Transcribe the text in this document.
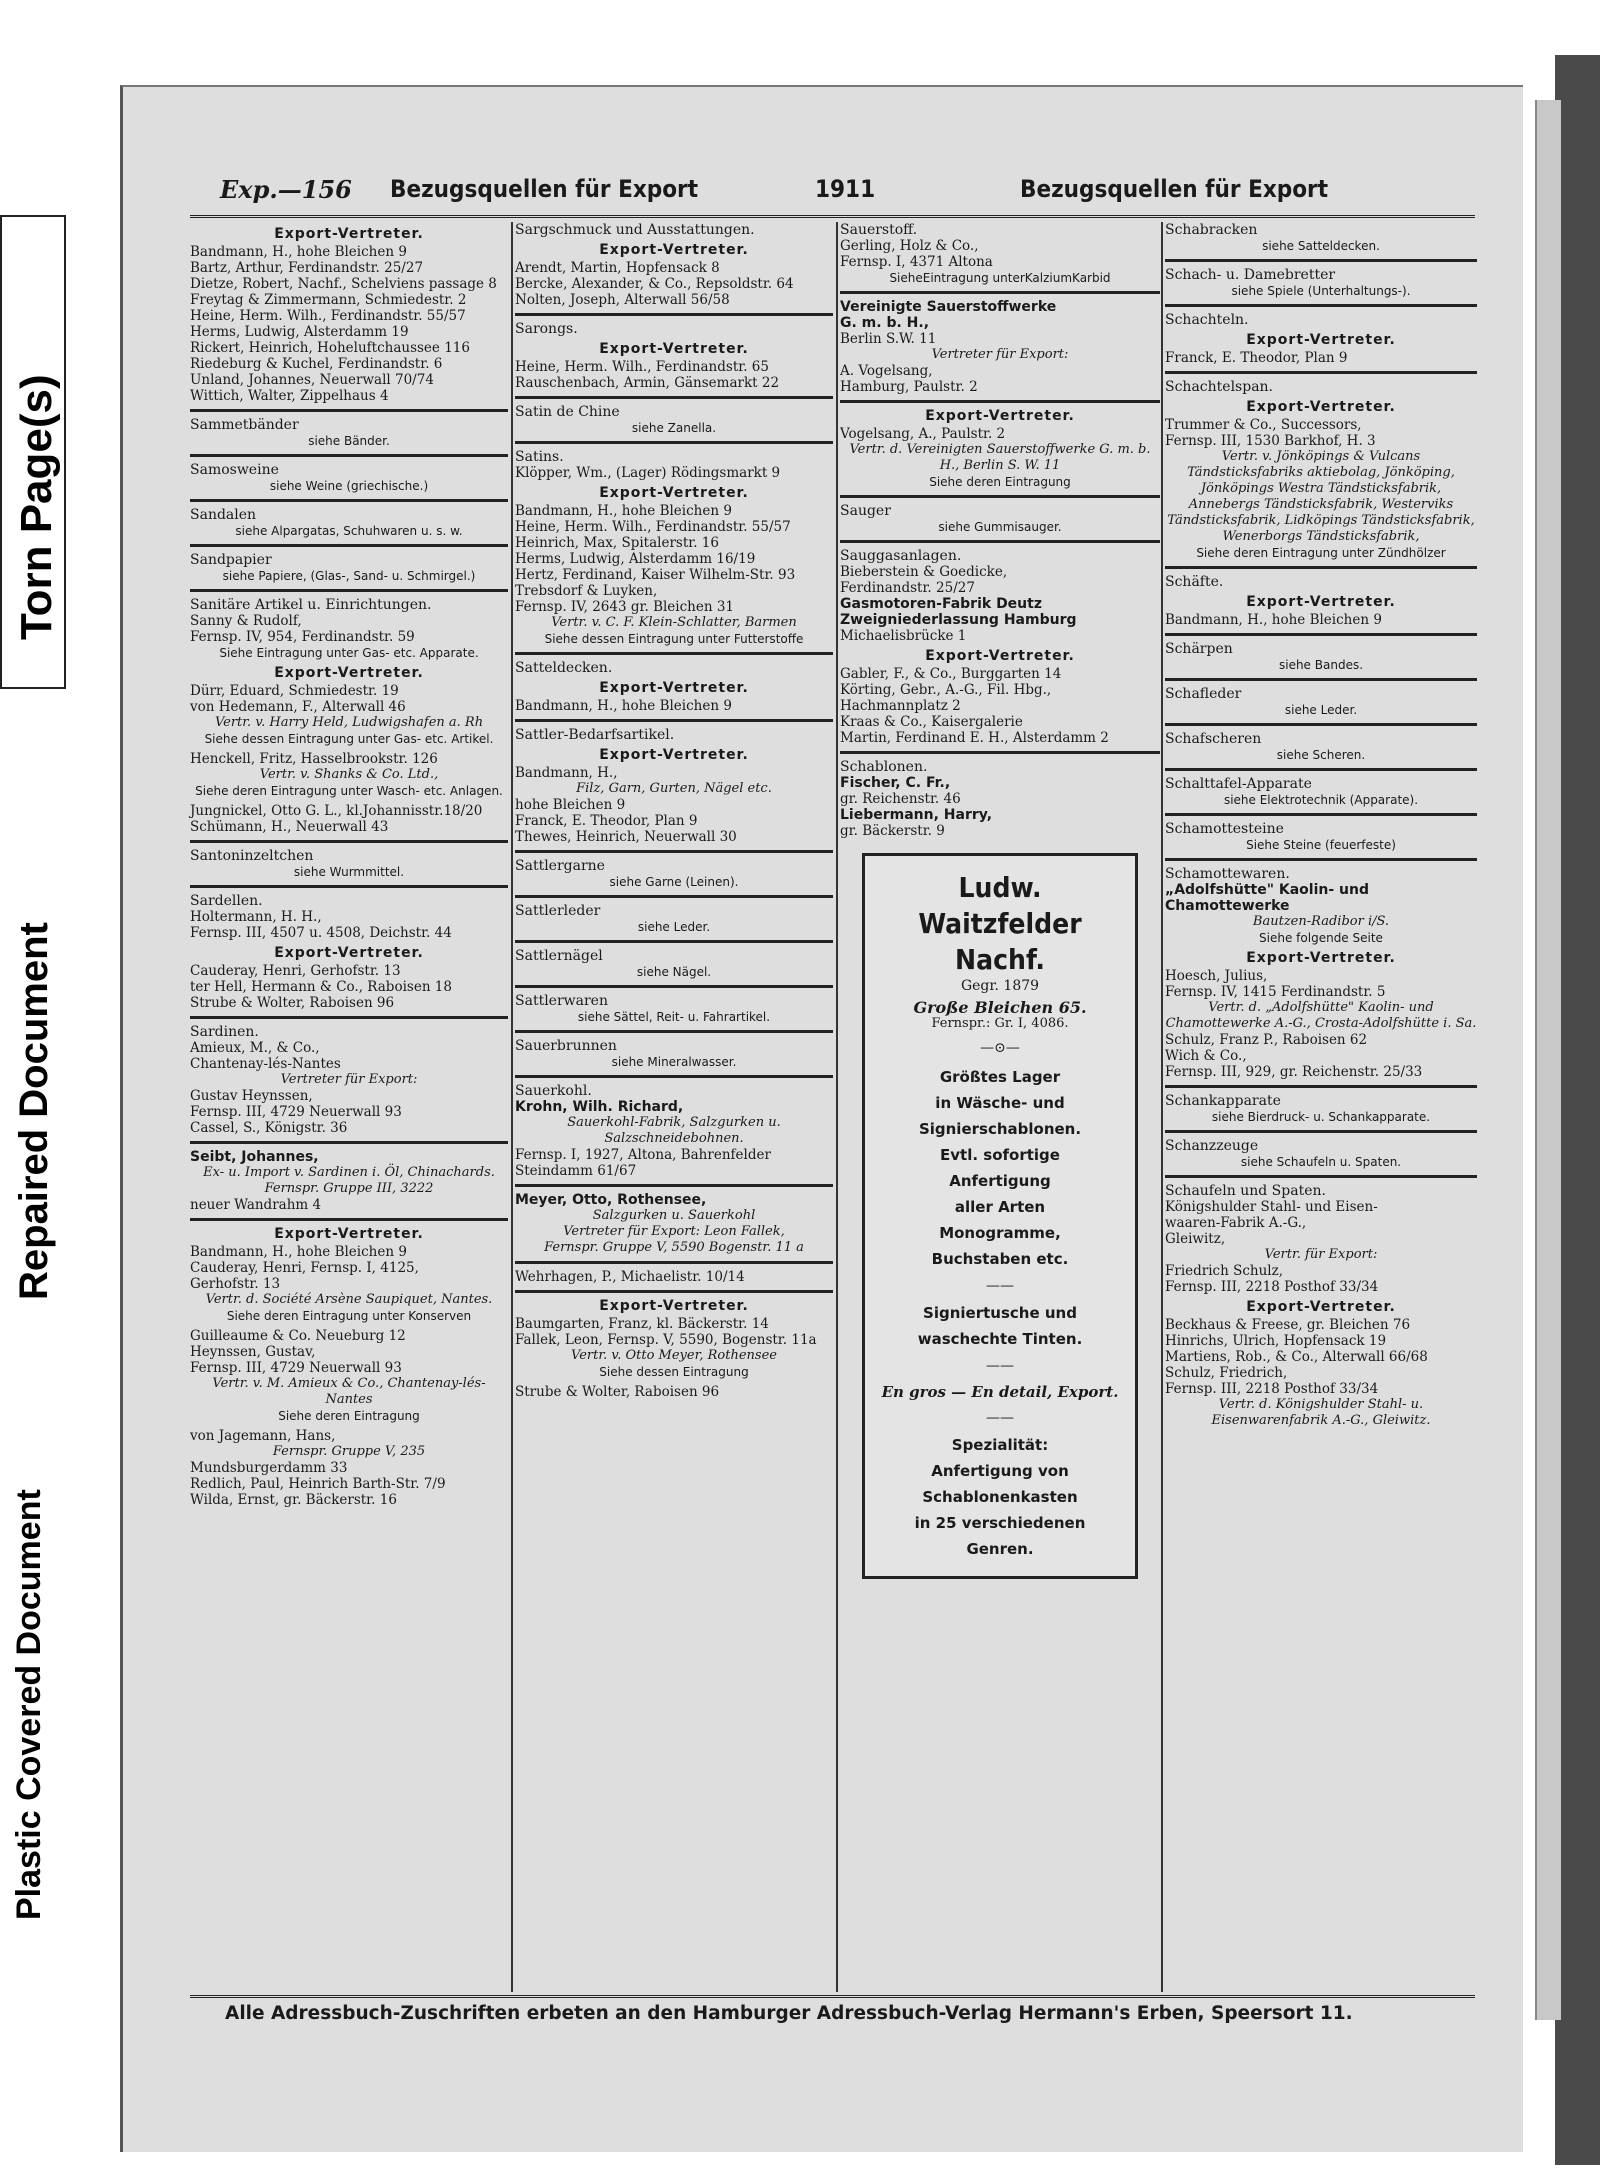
Torn Page(s)
Repaired Document
Plastic Covered Document
Exp.—156 Bezugsquellen für Export	1911	Bezugsquellen für Export
Export-Vertreter.
Bandmann, H., hohe Bleichen 9
Bartz, Arthur, Ferdinandstr. 25/27
Dietze, Robert, Nachf., Schelviens passage 8
Freytag & Zimmermann, Schmiedestr. 2
Heine, Herm. Wilh., Ferdinandstr. 55/57
Herms, Ludwig, Alsterdamm 19
Rickert, Heinrich, Hoheluftchaussee 116
Riedeburg & Kuchel, Ferdinandstr. 6
Unland, Johannes, Neuerwall 70/74
Wittich, Walter, Zippelhaus 4
Sammetbänder
siehe Bänder.
Samosweine
siehe Weine (griechische.)
Sandalen
siehe Alpargatas, Schuhwaren u. s. w.
Sandpapier
siehe Papiere, (Glas-, Sand- u. Schmirgel.)
Sanitäre Artikel u. Einrichtungen.
Sanny & Rudolf,
Fernsp. IV, 954, Ferdinandstr. 59
Siehe Eintragung unter Gas- etc. Apparate.
Export-Vertreter.
Dürr, Eduard, Schmiedestr. 19
von Hedemann, F., Alterwall 46
Vertr. v. Harry Held, Ludwigshafen a. Rh
Siehe dessen Eintragung unter Gas- etc. Artikel.
Henckell, Fritz, Hasselbrookstr. 126
Vertr. v. Shanks & Co. Ltd.,
Siehe deren Eintragung unter Wasch- etc. Anlagen.
Jungnickel, Otto G. L., kl.Johannisstr.18/20
Schümann, H., Neuerwall 43
Santoninzeltchen
siehe Wurmmittel.
Sardellen.
Holtermann, H. H.,
Fernsp. III, 4507 u. 4508, Deichstr. 44
Export-Vertreter.
Cauderay, Henri, Gerhofstr. 13
ter Hell, Hermann & Co., Raboisen 18
Strube & Wolter, Raboisen 96
Sardinen.
Amieux, M., & Co.,
Chantenay-lés-Nantes
Vertreter für Export:
Gustav Heynssen,
Fernsp. III, 4729 Neuerwall 93
Cassel, S., Königstr. 36
Seibt, Johannes,
Ex- u. Import v. Sardinen i. Öl, Chinachards.
Fernspr. Gruppe III, 3222
neuer Wandrahm 4
Export-Vertreter.
Bandmann, H., hohe Bleichen 9
Cauderay, Henri, Fernsp. I, 4125,
Gerhofstr. 13
Vertr. d. Société Arsène Saupiquet, Nantes.
Siehe deren Eintragung unter Konserven
Guilleaume & Co. Neueburg 12
Heynssen, Gustav,
Fernsp. III, 4729 Neuerwall 93
Vertr. v. M. Amieux & Co., Chantenay-lés-Nantes
Siehe deren Eintragung
von Jagemann, Hans,
Fernspr. Gruppe V, 235
Mundsburgerdamm 33
Redlich, Paul, Heinrich Barth-Str. 7/9
Wilda, Ernst, gr. Bäckerstr. 16
Sargschmuck und Ausstattungen.
Export-Vertreter.
Arendt, Martin, Hopfensack 8
Bercke, Alexander, & Co., Repsoldstr. 64
Nolten, Joseph, Alterwall 56/58
Sarongs.
Export-Vertreter.
Heine, Herm. Wilh., Ferdinandstr. 65
Rauschenbach, Armin, Gänsemarkt 22
Satin de Chine
siehe Zanella.
Satins.
Klöpper, Wm., (Lager) Rödingsmarkt 9
Export-Vertreter.
Bandmann, H., hohe Bleichen 9
Heine, Herm. Wilh., Ferdinandstr. 55/57
Heinrich, Max, Spitalerstr. 16
Herms, Ludwig, Alsterdamm 16/19
Hertz, Ferdinand, Kaiser Wilhelm-Str. 93
Trebsdorf & Luyken,
Fernsp. IV, 2643 gr. Bleichen 31
Vertr. v. C. F. Klein-Schlatter, Barmen
Siehe dessen Eintragung unter Futterstoffe
Satteldecken.
Export-Vertreter.
Bandmann, H., hohe Bleichen 9
Sattler-Bedarfsartikel.
Export-Vertreter.
Bandmann, H.,
Filz, Garn, Gurten, Nägel etc.
hohe Bleichen 9
Franck, E. Theodor, Plan 9
Thewes, Heinrich, Neuerwall 30
Sattlergarne
siehe Garne (Leinen).
Sattlerleder
siehe Leder.
Sattlernägel
siehe Nägel.
Sattlerwaren
siehe Sättel, Reit- u. Fahrartikel.
Sauerbrunnen
siehe Mineralwasser.
Sauerkohl.
Krohn, Wilh. Richard,
Sauerkohl-Fabrik, Salzgurken u. Salzschneidebohnen.
Fernsp. I, 1927, Altona, Bahrenfelder
Steindamm 61/67
Meyer, Otto, Rothensee,
Salzgurken u. Sauerkohl
Vertreter für Export: Leon Fallek,
Fernspr. Gruppe V, 5590 Bogenstr. 11 a
Wehrhagen, P., Michaelistr. 10/14
Export-Vertreter.
Baumgarten, Franz, kl. Bäckerstr. 14
Fallek, Leon, Fernsp. V, 5590, Bogenstr. 11a
Vertr. v. Otto Meyer, Rothensee
Siehe dessen Eintragung
Strube & Wolter, Raboisen 96
Sauerstoff.
Gerling, Holz & Co.,
Fernsp. I, 4371 Altona
SieheEintragung unterKalziumKarbid
Vereinigte Sauerstoffwerke
G. m. b. H.,
Berlin S.W. 11
Vertreter für Export:
A. Vogelsang,
Hamburg, Paulstr. 2
Export-Vertreter.
Vogelsang, A., Paulstr. 2
Vertr. d. Vereinigten Sauerstoffwerke G. m. b. H., Berlin S. W. 11
Siehe deren Eintragung
Sauger
siehe Gummisauger.
Sauggasanlagen.
Bieberstein & Goedicke,
Ferdinandstr. 25/27
Gasmotoren-Fabrik Deutz
Zweigniederlassung Hamburg
Michaelisbrücke 1
Export-Vertreter.
Gabler, F., & Co., Burggarten 14
Körting, Gebr., A.-G., Fil. Hbg.,
Hachmannplatz 2
Kraas & Co., Kaisergalerie
Martin, Ferdinand E. H., Alsterdamm 2
Schablonen.
Fischer, C. Fr.,
gr. Reichenstr. 46
Liebermann, Harry,
gr. Bäckerstr. 9
Ludw. Waitzfelder Nachf.
Gegr. 1879
Große Bleichen 65.
Fernspr.: Gr. I, 4086.
—⊙—
Größtes Lager
in Wäsche- und
Signierschablonen.
Evtl. sofortige
Anfertigung
aller Arten
Monogramme,
Buchstaben etc.
——
Signiertusche und
waschechte Tinten.
——
En gros — En detail, Export.
——
Spezialität:
Anfertigung von
Schablonenkasten
in 25 verschiedenen
Genren.
Schabracken
siehe Satteldecken.
Schach- u. Damebretter
siehe Spiele (Unterhaltungs-).
Schachteln.
Export-Vertreter.
Franck, E. Theodor, Plan 9
Schachtelspan.
Export-Vertreter.
Trummer & Co., Successors,
Fernsp. III, 1530 Barkhof, H. 3
Vertr. v. Jönköpings & Vulcans Tändsticksfabriks aktiebolag, Jönköping,
Jönköpings Westra Tändsticksfabrik, Annebergs Tändsticksfabrik, Westerviks Tändsticksfabrik, Lidköpings Tändsticksfabrik, Wenerborgs Tändsticksfabrik,
Siehe deren Eintragung unter Zündhölzer
Schäfte.
Export-Vertreter.
Bandmann, H., hohe Bleichen 9
Schärpen
siehe Bandes.
Schafleder
siehe Leder.
Schafscheren
siehe Scheren.
Schalttafel-Apparate
siehe Elektrotechnik (Apparate).
Schamottesteine
Siehe Steine (feuerfeste)
Schamottewaren.
„Adolfshütte" Kaolin- und
Chamottewerke
Bautzen-Radibor i/S.
Siehe folgende Seite
Export-Vertreter.
Hoesch, Julius,
Fernsp. IV, 1415 Ferdinandstr. 5
Vertr. d. „Adolfshütte" Kaolin- und Chamottewerke A.-G., Crosta-Adolfshütte i. Sa.
Schulz, Franz P., Raboisen 62
Wich & Co.,
Fernsp. III, 929, gr. Reichenstr. 25/33
Schankapparate
siehe Bierdruck- u. Schankapparate.
Schanzzeuge
siehe Schaufeln u. Spaten.
Schaufeln und Spaten.
Königshulder Stahl- und Eisen-
waaren-Fabrik A.-G.,
Gleiwitz,
Vertr. für Export:
Friedrich Schulz,
Fernsp. III, 2218 Posthof 33/34
Export-Vertreter.
Beckhaus & Freese, gr. Bleichen 76
Hinrichs, Ulrich, Hopfensack 19
Martiens, Rob., & Co., Alterwall 66/68
Schulz, Friedrich,
Fernsp. III, 2218 Posthof 33/34
Vertr. d. Königshulder Stahl- u. Eisenwarenfabrik A.-G., Gleiwitz.
Alle Adressbuch-Zuschriften erbeten an den Hamburger Adressbuch-Verlag Hermann's Erben, Speersort 11.
